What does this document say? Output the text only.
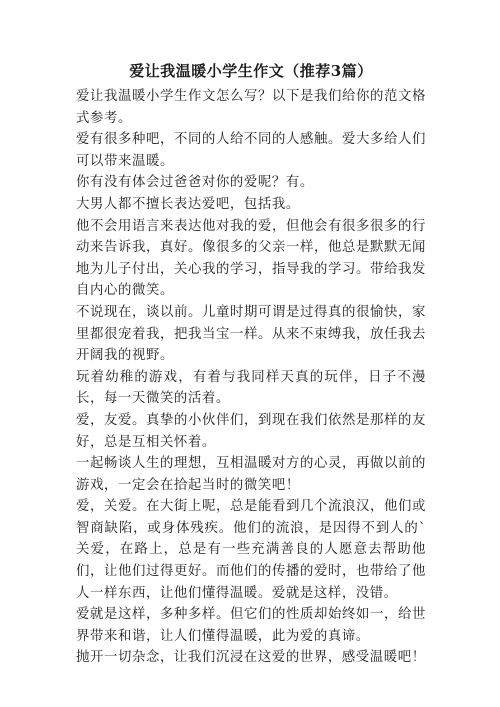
爱让我温暖小学生作文（推荐3篇）

爱让我温暖小学生作文怎么写？以下是我们给你的范文格式参考。

爱有很多种吧，不同的人给不同的人感触。爱大多给人们可以带来温暖。

你有没有体会过爸爸对你的爱呢？有。

大男人都不擅长表达爱吧，包括我。

他不会用语言来表达他对我的爱，但他会有很多很多的行动来告诉我，真好。像很多的父亲一样，他总是默默无闻地为儿子付出，关心我的学习，指导我的学习。带给我发自内心的微笑。

不说现在，谈以前。儿童时期可谓是过得真的很愉快，家里都很宠着我，把我当宝一样。从来不束缚我，放任我去开阔我的视野。

玩着幼稚的游戏，有着与我同样天真的玩伴，日子不漫长，每一天微笑的活着。

爱，友爱。真挚的小伙伴们，到现在我们依然是那样的友好，总是互相关怀着。

一起畅谈人生的理想，互相温暖对方的心灵，再做以前的游戏，一定会在拾起当时的微笑吧！

爱，关爱。在大街上呢，总是能看到几个流浪汉，他们或智商缺陷，或身体残疾。他们的流浪，是因得不到人的`关爱，在路上，总是有一些充满善良的人愿意去帮助他们，让他们过得更好。而他们的传播的爱时，也带给了他人一样东西，让他们懂得温暖。爱就是这样，没错。

爱就是这样，多种多样。但它们的性质却始终如一，给世界带来和谐，让人们懂得温暖，此为爱的真谛。

抛开一切杂念，让我们沉浸在这爱的世界，感受温暖吧！
